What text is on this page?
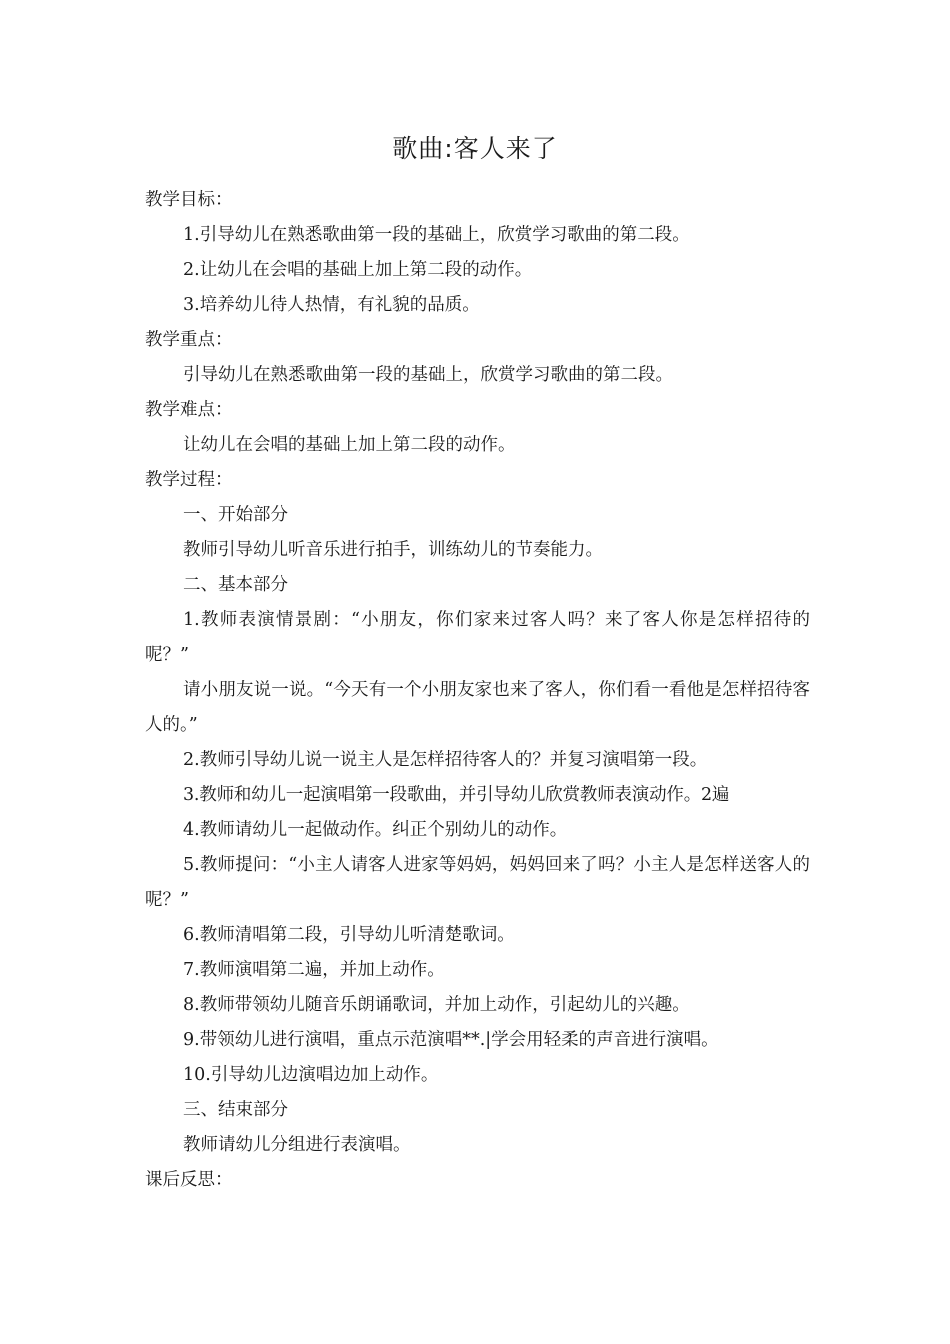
歌曲:客人来了

教学目标：

1.引导幼儿在熟悉歌曲第一段的基础上，欣赏学习歌曲的第二段。

2.让幼儿在会唱的基础上加上第二段的动作。

3.培养幼儿待人热情，有礼貌的品质。

教学重点：

引导幼儿在熟悉歌曲第一段的基础上，欣赏学习歌曲的第二段。

教学难点：

让幼儿在会唱的基础上加上第二段的动作。

教学过程：

一、开始部分

教师引导幼儿听音乐进行拍手，训练幼儿的节奏能力。

二、基本部分

1.教师表演情景剧：“小朋友，你们家来过客人吗？来了客人你是怎样招待的呢？”

请小朋友说一说。“今天有一个小朋友家也来了客人，你们看一看他是怎样招待客人的。”

2.教师引导幼儿说一说主人是怎样招待客人的？并复习演唱第一段。

3.教师和幼儿一起演唱第一段歌曲，并引导幼儿欣赏教师表演动作。2遍

4.教师请幼儿一起做动作。纠正个别幼儿的动作。

5.教师提问：“小主人请客人进家等妈妈，妈妈回来了吗？小主人是怎样送客人的呢？”

6.教师清唱第二段，引导幼儿听清楚歌词。

7.教师演唱第二遍，并加上动作。

8.教师带领幼儿随音乐朗诵歌词，并加上动作，引起幼儿的兴趣。

9.带领幼儿进行演唱，重点示范演唱**.|学会用轻柔的声音进行演唱。

10.引导幼儿边演唱边加上动作。

三、结束部分

教师请幼儿分组进行表演唱。

课后反思：
